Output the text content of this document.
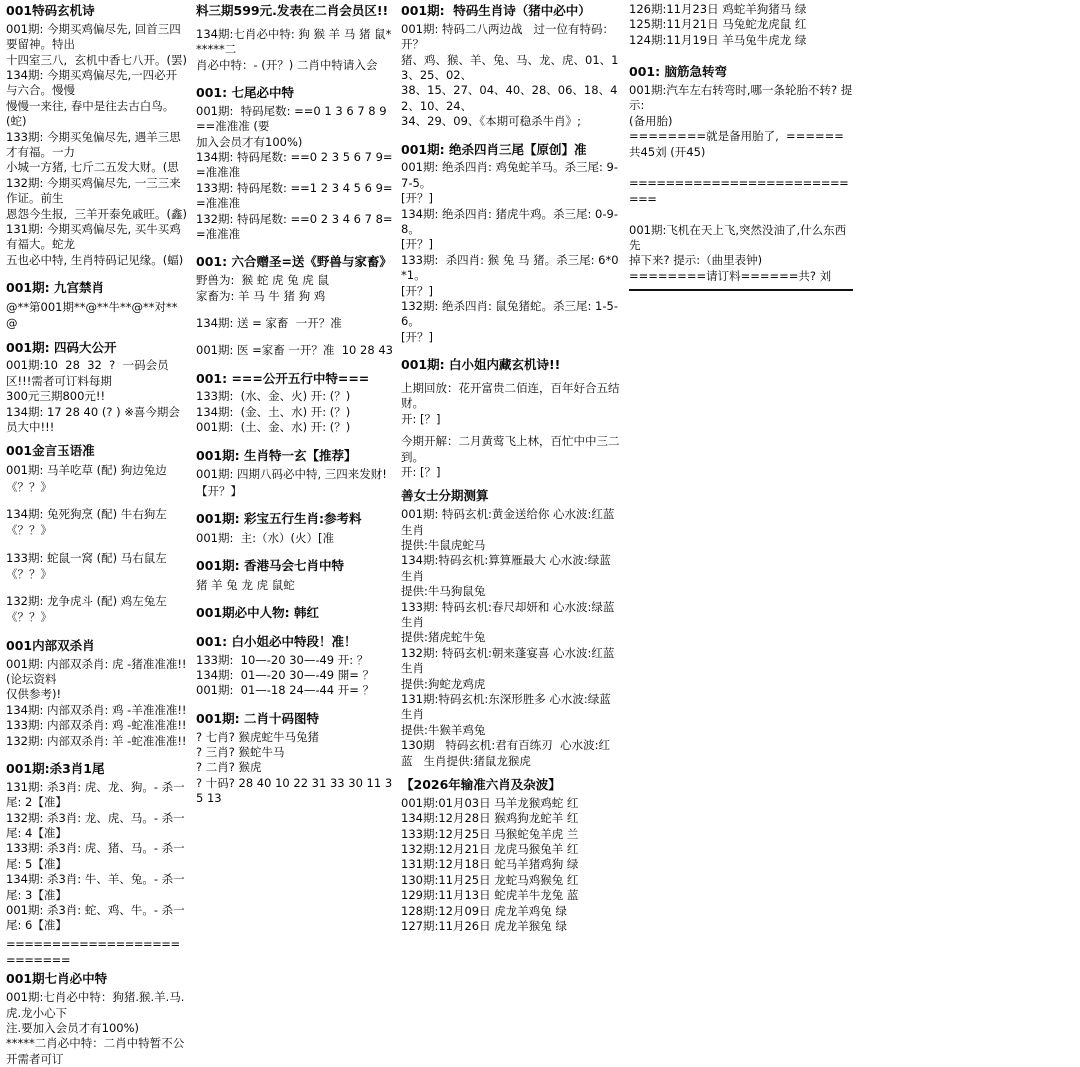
001特码玄机诗
001期: 今期买鸡偏尽先, 回首三四要留神。特出
十四室三八,  玄机中香七八开。(罢)
134期: 今期买鸡偏尽先,一四必开与六合。慢慢
慢慢一来往, 春中是往去古白鸟。(蛇)
133期: 今期买兔偏尽先, 遇羊三思才有福。一力
小城一方猪, 七斤二五发大财。(思
132期: 今期买鸡偏尽先, 一三三来作证。前生
恩怨今生报,  三羊开泰免戚旺。(鑫)
131期: 今期买鸡偏尽先, 买牛买鸡有福大。蛇龙
五也必中特, 生肖特码记见缘。(蝠)
001期: 九宫禁肖
@**第001期**@**牛**@**对**@
001期: 四码大公开
001期:10  28  32  ?  一码会员区!!!需者可订料每期
300元三期800元!!
134期: 17 28 40 (? ) ※喜今期会员大中!!!
001金言玉语准
001期: 马羊吃草 (配) 狗边兔边《？？》
134期: 兔死狗烹 (配) 牛右狗左《？？》
133期: 蛇鼠一窝 (配) 马右鼠左《？？》
132期: 龙争虎斗 (配) 鸡左兔左《？？》
001内部双杀肖
001期: 内部双杀肖: 虎 -猪准准准!! (论坛资料
仅供参考)!
134期: 内部双杀肖: 鸡 -羊准准准!!
133期: 内部双杀肖: 鸡 -蛇准准准!!
132期: 内部双杀肖: 羊 -蛇准准准!!
001期:杀3肖1尾
131期: 杀3肖: 虎、龙、狗。- 杀一尾: 2【准】
132期: 杀3肖: 龙、虎、马。- 杀一尾: 4【准】
133期: 杀3肖: 虎、猪、马。- 杀一尾: 5【准】
134期: 杀3肖: 牛、羊、兔。- 杀一尾: 3【准】
001期: 杀3肖: 蛇、鸡、牛。- 杀一尾: 6【准】
==========================
001期七肖必中特
001期:七肖必中特：狗猪.猴.羊.马.虎.龙小心下
注.要加入会员才有100%)
*****二肖必中特：二肖中特暂不公开需者可订
料三期599元.发表在二肖会员区!!
134期:七肖必中特: 狗 猴 羊 马 猪 鼠******二
肖必中特：- (开？) 二肖中特请入会
001: 七尾必中特
001期:  特码尾数: ==0 1 3 6 7 8 9==准准准 (要
加入会员才有100%)
134期: 特码尾数: ==0 2 3 5 6 7 9==准准准
133期: 特码尾数: ==1 2 3 4 5 6 9==准准准
132期: 特码尾数: ==0 2 3 4 6 7 8==准准准
001: 六合赠圣=送《野兽与家畜》
野兽为:  猴 蛇 虎 兔 虎 鼠
家畜为: 羊 马 牛 猪 狗 鸡
134期: 送 = 家畜  一开？准
001期: 医 =家畜 一开？准  10 28 43
001: ===公开五行中特===
133期:  (水、金、火) 开: (？)
134期:  (金、土、水) 开: (？)
001期:  (土、金、水) 开: (？)
001期: 生肖特一玄【推荐】
001期: 四期八码必中特, 三四来发财!【开？】
001期: 彩宝五行生肖:参考料
001期:  主:（水）(火）[准
001期: 香港马会七肖中特
猪 羊 兔 龙 虎 鼠蛇
001期必中人物: 韩红
001: 白小姐必中特段！准！
133期:  10—-20 30—-49 开: ？
134期:  01—-20 30—-49 開= ？
001期:  01—-18 24—-44 开= ？
001期: 二肖十码图特
? 七肖? 猴虎蛇牛马兔猪
? 三肖? 猴蛇牛马
? 二肖? 猴虎
? 十码? 28 40 10 22 31 33 30 11 35 13
001期:  特码生肖诗（猪中必中）
001期: 特码二八两边战   过一位有特码：开？
猪、鸡、猴、羊、兔、马、龙、虎、01、13、25、02、
38、15、27、04、40、28、06、18、42、10、24、
34、29、09、《本期可稳杀牛肖》;
001期: 绝杀四肖三尾【原创】准
001期: 绝杀四肖: 鸡兔蛇羊马。杀三尾: 9-7-5。
[开？]
134期: 绝杀四肖: 猪虎牛鸡。杀三尾: 0-9-8。
[开？]
133期:  杀四肖: 猴 兔 马 猪。杀三尾: 6*0*1。
[开？]
132期: 绝杀四肖: 鼠兔猪蛇。杀三尾: 1-5-6。
[开？]
001期: 白小姐内藏玄机诗!!
上期回放：花开富贵二佰连，百年好合五结财。
开: [？]
今期开解：二月黄莺飞上林，百忙中中三二到。
开: [？]
善女士分期测算
001期: 特码玄机:黄金送给你 心水波:红蓝 生肖
提供:牛鼠虎蛇马
134期:特码玄机:算算雁最大 心水波:绿蓝 生肖
提供:牛马狗鼠兔
133期: 特码玄机:春尺却妍和 心水波:绿蓝 生肖
提供:猪虎蛇牛兔
132期: 特码玄机:朝来蓬宴喜 心水波:红蓝 生肖
提供:狗蛇龙鸡虎
131期:特码玄机:东深形胜多 心水波:绿蓝 生肖
提供:牛猴羊鸡兔
130期   特码玄机:君有百练刃  心水波:红
蓝   生肖提供:猪鼠龙猴虎
【2026年输准六肖及杂波】
001期:01月03日 马羊龙猴鸡蛇 红
134期:12月28日 猴鸡狗龙蛇羊 红
133期:12月25日 马猴蛇兔羊虎 兰
132期:12月21日 龙虎马猴兔羊 红
131期:12月18日 蛇马羊猪鸡狗 绿
130期:11月25日 龙蛇马鸡猴兔 红
129期:11月13日 蛇虎羊牛龙兔 蓝
128期:12月09日 虎龙羊鸡兔 绿
127期:11月26日 虎龙羊猴兔 绿
126期:11月23日 鸡蛇羊狗猪马 绿
125期:11月21日 马兔蛇龙虎鼠 红
124期:11月19日 羊马兔牛虎龙 绿
001: 脑筋急转弯
001期:汽车左右转弯时,哪一条轮胎不转? 提示:
(备用胎)
========就是备用胎了,  ======
共45刘 (开45)
===========================
001期:飞机在天上飞,突然没油了,什么东西先
掉下来? 提示:（曲里表钟)
========请订料======共? 刘
